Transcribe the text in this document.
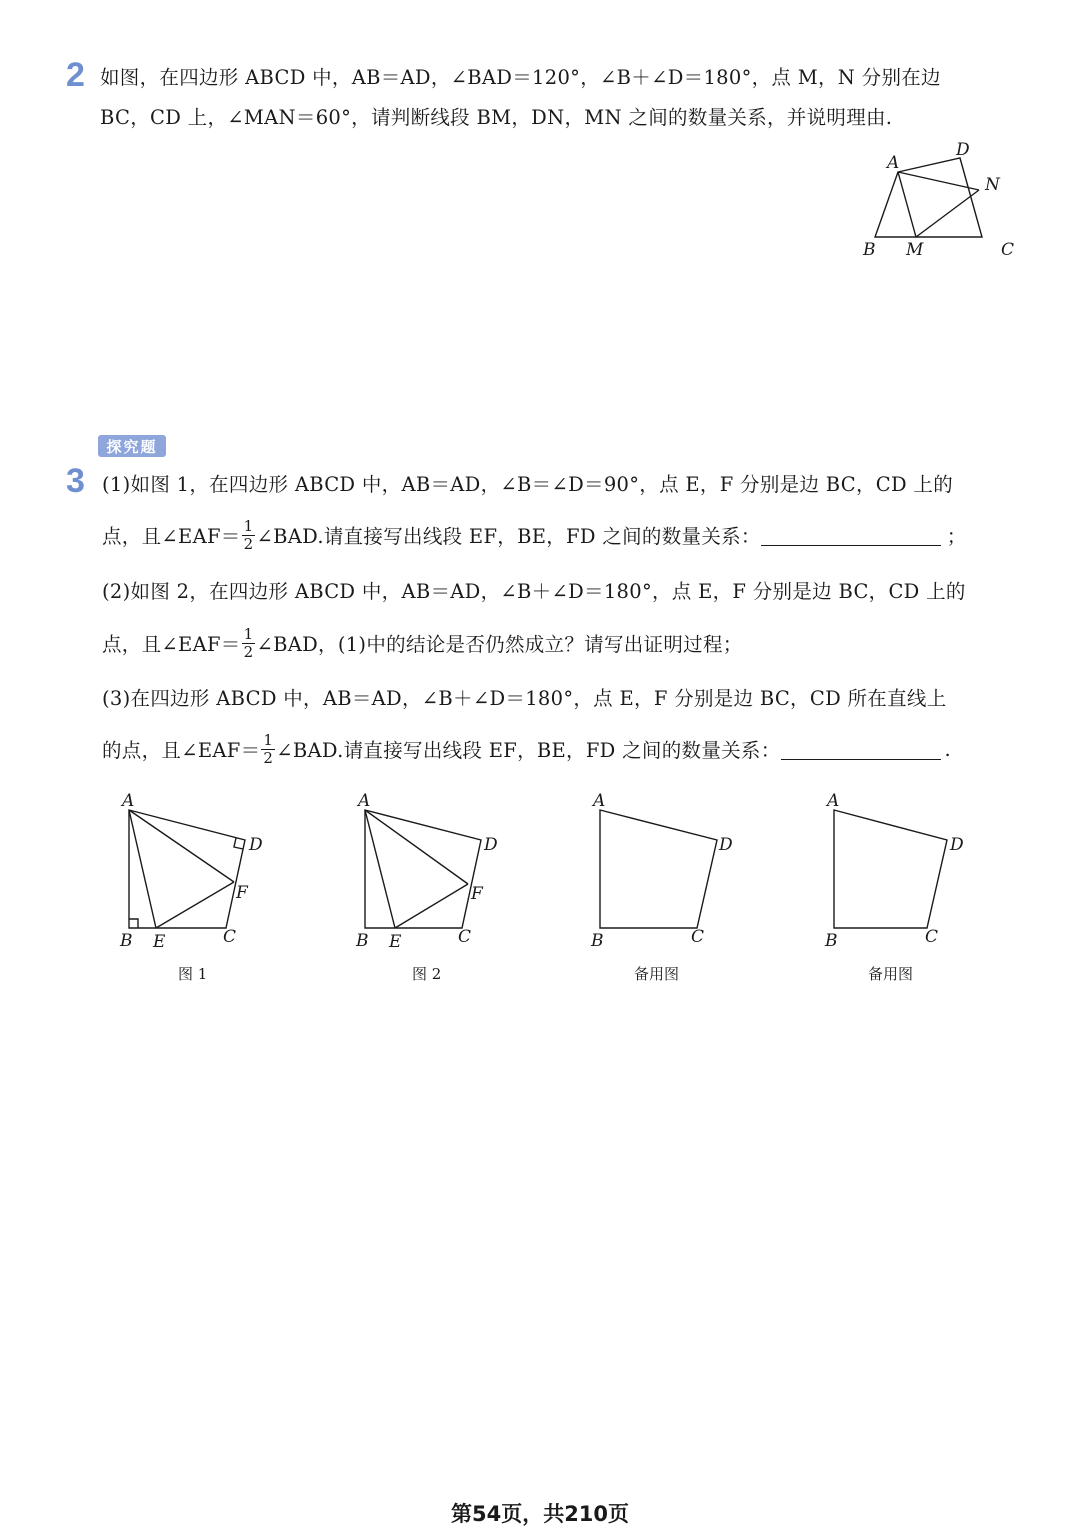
2 如图，在四边形 ABCD 中，AB＝AD，∠BAD＝120°，∠B＋∠D＝180°，点 M，N 分别在边
BC，CD 上，∠MAN＝60°，请判断线段 BM，DN，MN 之间的数量关系，并说明理由.
A
D
N
B M	C
探究题
3 (1)如图 1，在四边形 ABCD 中，AB＝AD，∠B＝∠D＝90°，点 E，F 分别是边 BC，CD 上的
点，且∠EAF＝ $\frac{1}{2}$ ∠BAD.请直接写出线段 EF，BE，FD 之间的数量关系：	；
(2)如图 2，在四边形 ABCD 中，AB＝AD，∠B＋∠D＝180°，点 E，F 分别是边 BC，CD 上的
点，且∠EAF＝ $\frac{1}{2}$ ∠BAD，(1)中的结论是否仍然成立？请写出证明过程；
(3)在四边形 ABCD 中，AB＝AD，∠B＋∠D＝180°，点 E，F 分别是边 BC，CD 所在直线上
的点，且∠EAF＝ $\frac{1}{2}$ ∠BAD.请直接写出线段 EF，BE，FD 之间的数量关系：	.
A
D
F
B E	C
图 1
A
D
F
B E	C
图 2
A
D
B	C
备用图
A
D
B	C
备用图
第54页，共210页
